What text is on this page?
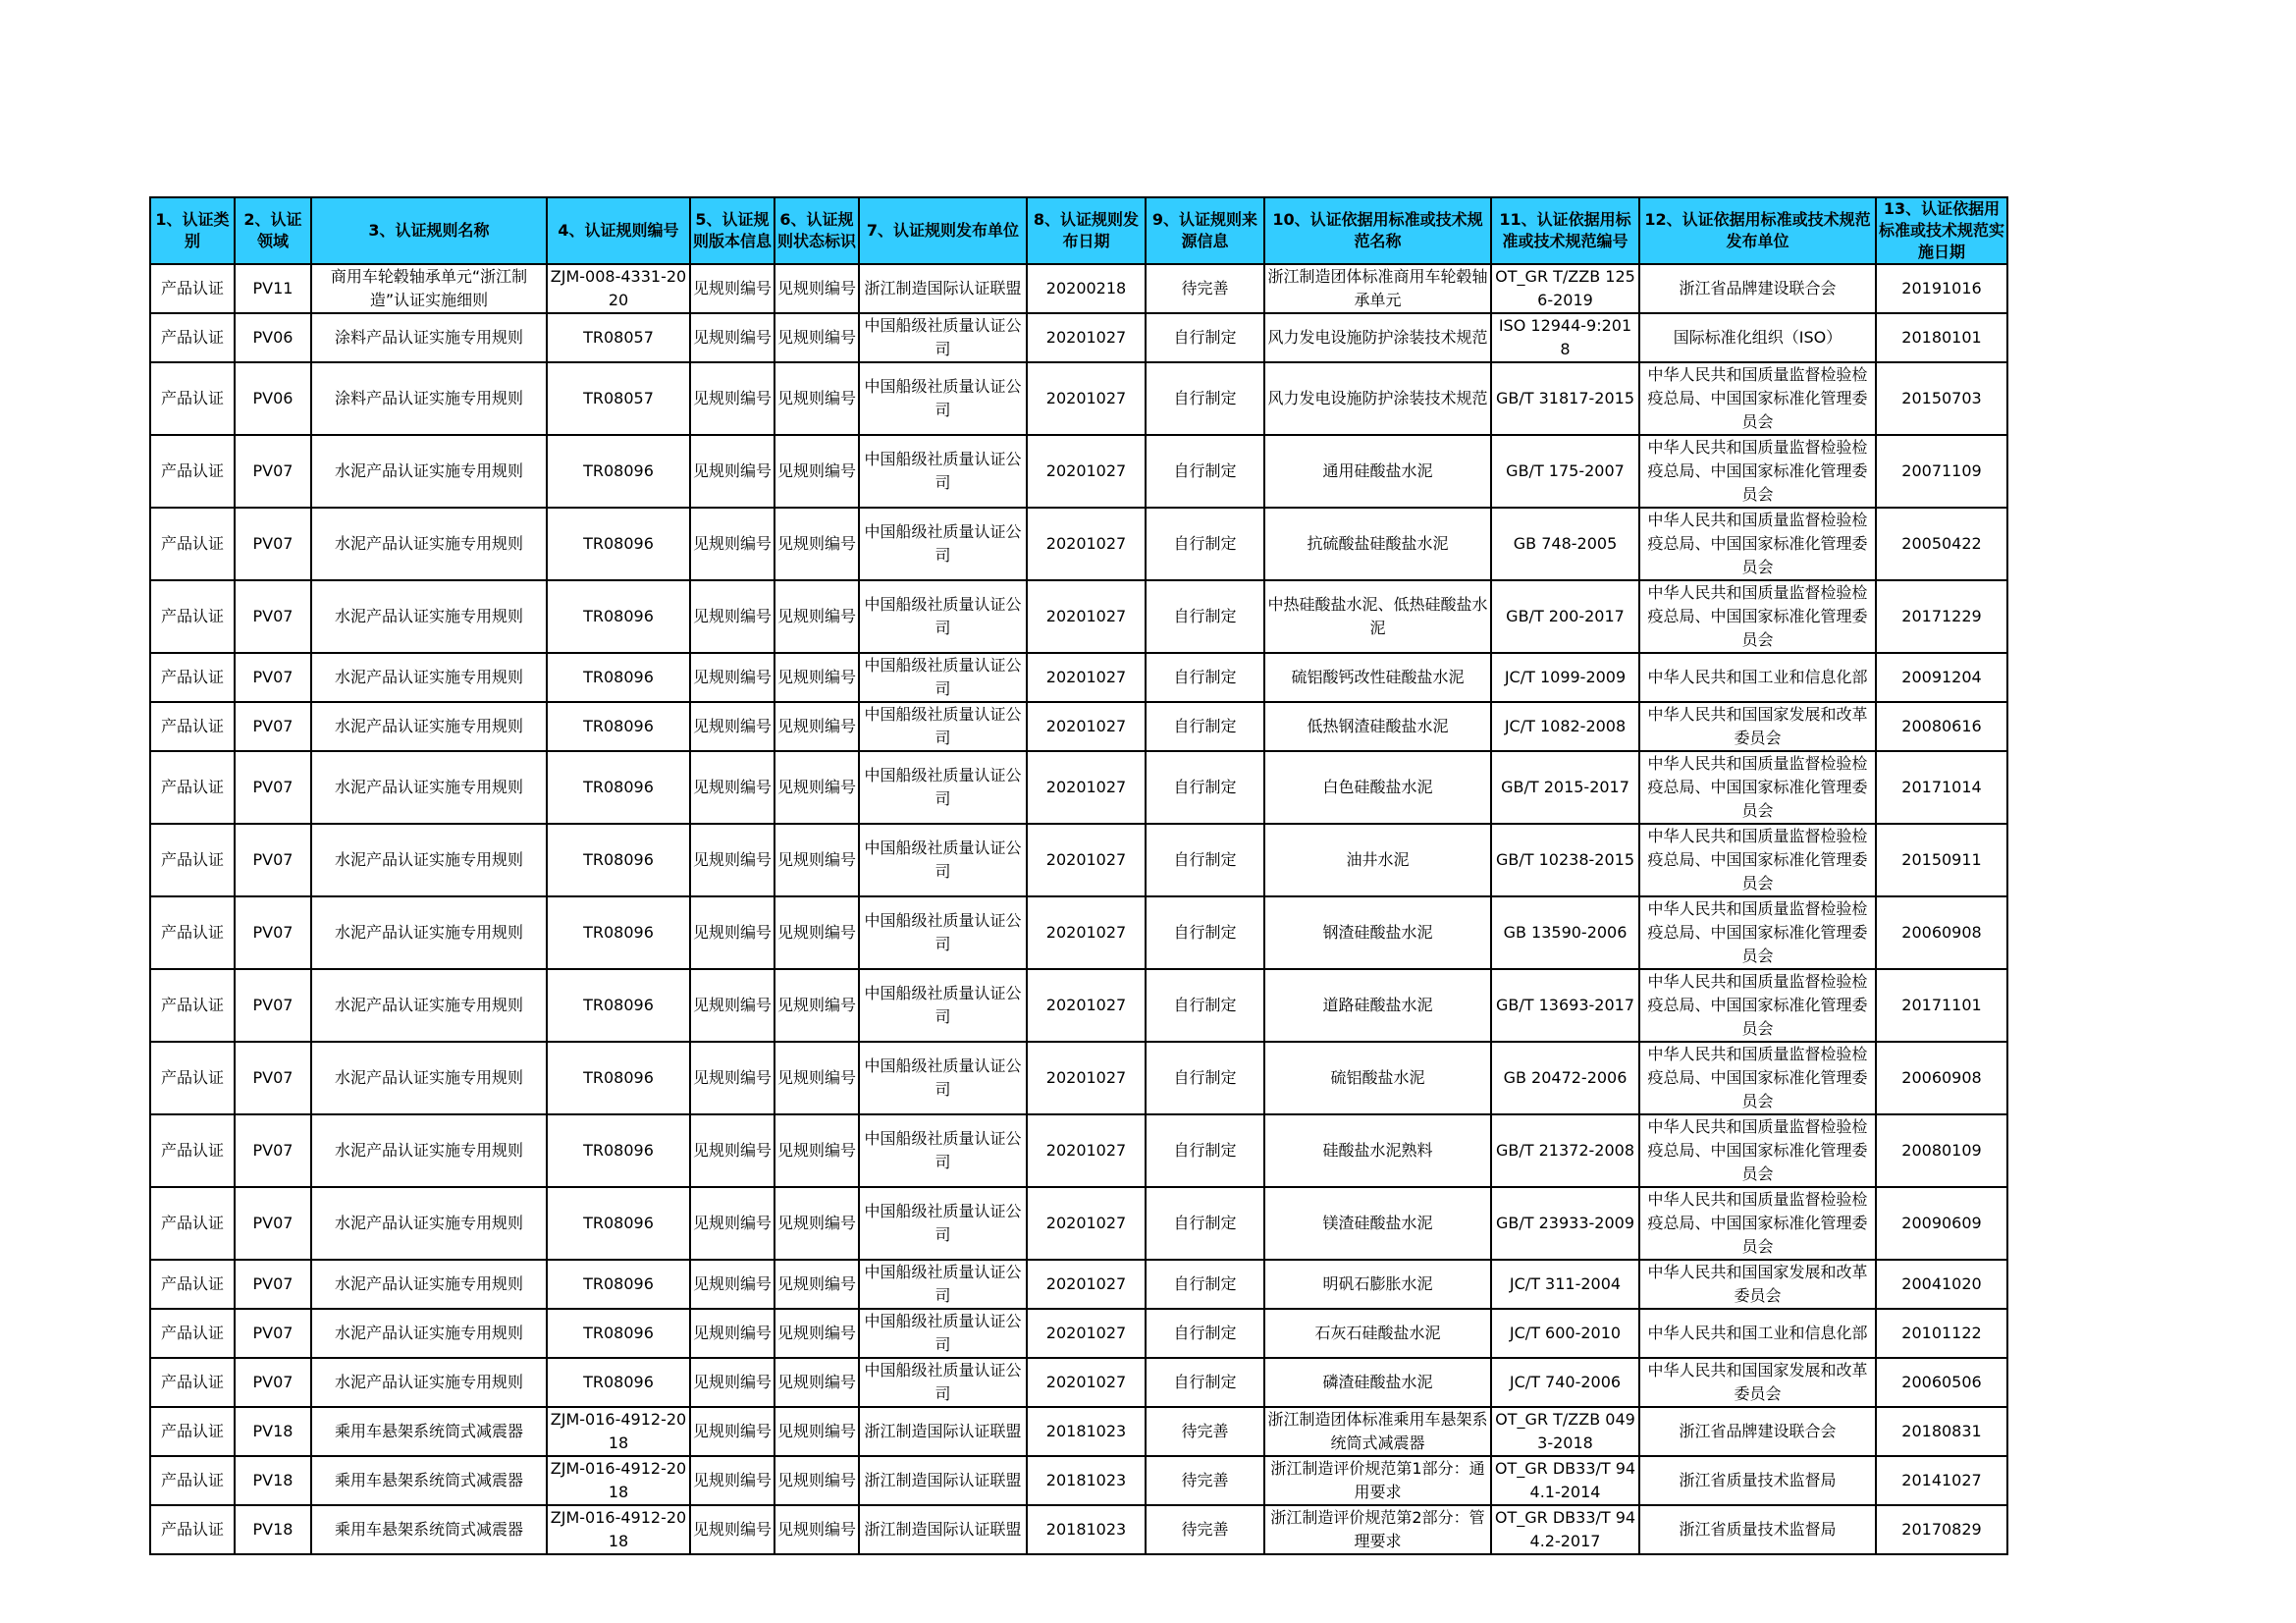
1、认证类别	2、认证领域	3、认证规则名称	4、认证规则编号	5、认证规则版本信息	6、认证规则状态标识	7、认证规则发布单位	8、认证规则发布日期	9、认证规则来源信息	10、认证依据用标准或技术规范名称	11、认证依据用标准或技术规范编号	12、认证依据用标准或技术规范发布单位	13、认证依据用标准或技术规范实施日期

产品认证	PV11	商用车轮毂轴承单元“浙江制造”认证实施细则	ZJM-008-4331-2020	见规则编号	见规则编号	浙江制造国际认证联盟	20200218	待完善	浙江制造团体标准商用车轮毂轴承单元	OT_GR T/ZZB 1256-2019	浙江省品牌建设联合会	20191016

产品认证	PV06	涂料产品认证实施专用规则	TR08057	见规则编号	见规则编号	中国船级社质量认证公司	20201027	自行制定	风力发电设施防护涂装技术规范	ISO 12944-9:2018	国际标准化组织（ISO）	20180101

产品认证	PV06	涂料产品认证实施专用规则	TR08057	见规则编号	见规则编号	中国船级社质量认证公司	20201027	自行制定	风力发电设施防护涂装技术规范	GB/T 31817-2015	中华人民共和国质量监督检验检疫总局、中国国家标准化管理委员会	20150703

产品认证	PV07	水泥产品认证实施专用规则	TR08096	见规则编号	见规则编号	中国船级社质量认证公司	20201027	自行制定	通用硅酸盐水泥	GB/T 175-2007	中华人民共和国质量监督检验检疫总局、中国国家标准化管理委员会	20071109

产品认证	PV07	水泥产品认证实施专用规则	TR08096	见规则编号	见规则编号	中国船级社质量认证公司	20201027	自行制定	抗硫酸盐硅酸盐水泥	GB 748-2005	中华人民共和国质量监督检验检疫总局、中国国家标准化管理委员会	20050422

产品认证	PV07	水泥产品认证实施专用规则	TR08096	见规则编号	见规则编号	中国船级社质量认证公司	20201027	自行制定	中热硅酸盐水泥、低热硅酸盐水泥	GB/T 200-2017	中华人民共和国质量监督检验检疫总局、中国国家标准化管理委员会	20171229

产品认证	PV07	水泥产品认证实施专用规则	TR08096	见规则编号	见规则编号	中国船级社质量认证公司	20201027	自行制定	硫铝酸钙改性硅酸盐水泥	JC/T 1099-2009	中华人民共和国工业和信息化部	20091204

产品认证	PV07	水泥产品认证实施专用规则	TR08096	见规则编号	见规则编号	中国船级社质量认证公司	20201027	自行制定	低热钢渣硅酸盐水泥	JC/T 1082-2008	中华人民共和国国家发展和改革委员会	20080616

产品认证	PV07	水泥产品认证实施专用规则	TR08096	见规则编号	见规则编号	中国船级社质量认证公司	20201027	自行制定	白色硅酸盐水泥	GB/T 2015-2017	中华人民共和国质量监督检验检疫总局、中国国家标准化管理委员会	20171014

产品认证	PV07	水泥产品认证实施专用规则	TR08096	见规则编号	见规则编号	中国船级社质量认证公司	20201027	自行制定	油井水泥	GB/T 10238-2015	中华人民共和国质量监督检验检疫总局、中国国家标准化管理委员会	20150911

产品认证	PV07	水泥产品认证实施专用规则	TR08096	见规则编号	见规则编号	中国船级社质量认证公司	20201027	自行制定	钢渣硅酸盐水泥	GB 13590-2006	中华人民共和国质量监督检验检疫总局、中国国家标准化管理委员会	20060908

产品认证	PV07	水泥产品认证实施专用规则	TR08096	见规则编号	见规则编号	中国船级社质量认证公司	20201027	自行制定	道路硅酸盐水泥	GB/T 13693-2017	中华人民共和国质量监督检验检疫总局、中国国家标准化管理委员会	20171101

产品认证	PV07	水泥产品认证实施专用规则	TR08096	见规则编号	见规则编号	中国船级社质量认证公司	20201027	自行制定	硫铝酸盐水泥	GB 20472-2006	中华人民共和国质量监督检验检疫总局、中国国家标准化管理委员会	20060908

产品认证	PV07	水泥产品认证实施专用规则	TR08096	见规则编号	见规则编号	中国船级社质量认证公司	20201027	自行制定	硅酸盐水泥熟料	GB/T 21372-2008	中华人民共和国质量监督检验检疫总局、中国国家标准化管理委员会	20080109

产品认证	PV07	水泥产品认证实施专用规则	TR08096	见规则编号	见规则编号	中国船级社质量认证公司	20201027	自行制定	镁渣硅酸盐水泥	GB/T 23933-2009	中华人民共和国质量监督检验检疫总局、中国国家标准化管理委员会	20090609

产品认证	PV07	水泥产品认证实施专用规则	TR08096	见规则编号	见规则编号	中国船级社质量认证公司	20201027	自行制定	明矾石膨胀水泥	JC/T 311-2004	中华人民共和国国家发展和改革委员会	20041020

产品认证	PV07	水泥产品认证实施专用规则	TR08096	见规则编号	见规则编号	中国船级社质量认证公司	20201027	自行制定	石灰石硅酸盐水泥	JC/T 600-2010	中华人民共和国工业和信息化部	20101122

产品认证	PV07	水泥产品认证实施专用规则	TR08096	见规则编号	见规则编号	中国船级社质量认证公司	20201027	自行制定	磷渣硅酸盐水泥	JC/T 740-2006	中华人民共和国国家发展和改革委员会	20060506

产品认证	PV18	乘用车悬架系统筒式减震器	ZJM-016-4912-2018	见规则编号	见规则编号	浙江制造国际认证联盟	20181023	待完善	浙江制造团体标准乘用车悬架系统筒式减震器	OT_GR T/ZZB 0493-2018	浙江省品牌建设联合会	20180831

产品认证	PV18	乘用车悬架系统筒式减震器	ZJM-016-4912-2018	见规则编号	见规则编号	浙江制造国际认证联盟	20181023	待完善	浙江制造评价规范第1部分：通用要求	OT_GR DB33/T 944.1-2014	浙江省质量技术监督局	20141027

产品认证	PV18	乘用车悬架系统筒式减震器	ZJM-016-4912-2018	见规则编号	见规则编号	浙江制造国际认证联盟	20181023	待完善	浙江制造评价规范第2部分：管理要求	OT_GR DB33/T 944.2-2017	浙江省质量技术监督局	20170829
